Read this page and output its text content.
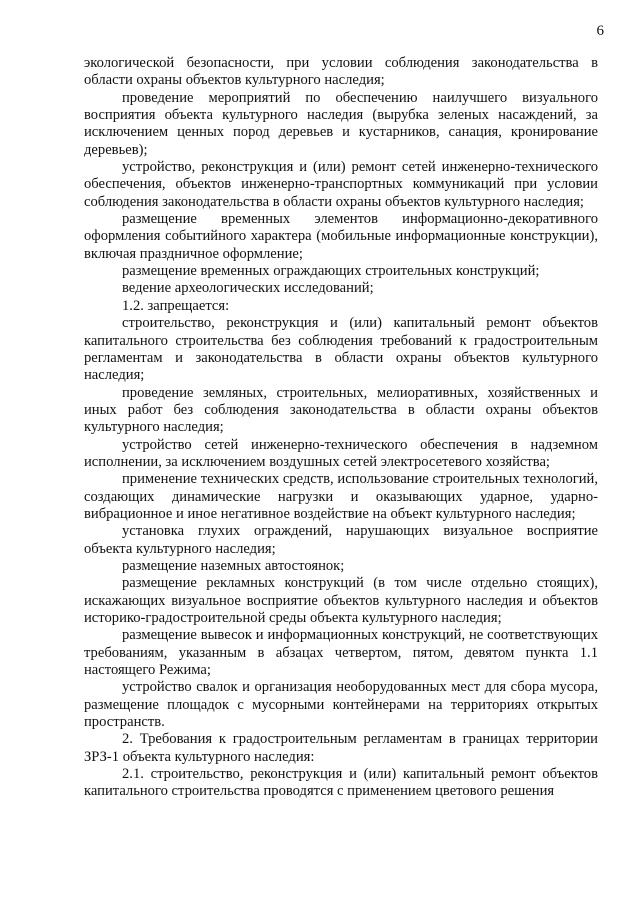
6

экологической безопасности, при условии соблюдения законодательства в области охраны объектов культурного наследия;

проведение мероприятий по обеспечению наилучшего визуального восприятия объекта культурного наследия (вырубка зеленых насаждений, за исключением ценных пород деревьев и кустарников, санация, кронирование деревьев);

устройство, реконструкция и (или) ремонт сетей инженерно-технического обеспечения, объектов инженерно-транспортных коммуникаций при условии соблюдения законодательства в области охраны объектов культурного наследия;

размещение временных элементов информационно-декоративного оформления событийного характера (мобильные информационные конструкции), включая праздничное оформление;

размещение временных ограждающих строительных конструкций;

ведение археологических исследований;

1.2. запрещается:

строительство, реконструкция и (или) капитальный ремонт объектов капитального строительства без соблюдения требований к градостроительным регламентам и законодательства в области охраны объектов культурного наследия;

проведение земляных, строительных, мелиоративных, хозяйственных и иных работ без соблюдения законодательства в области охраны объектов культурного наследия;

устройство сетей инженерно-технического обеспечения в надземном исполнении, за исключением воздушных сетей электросетевого хозяйства;

применение технических средств, использование строительных технологий, создающих динамические нагрузки и оказывающих ударное, ударно-вибрационное и иное негативное воздействие на объект культурного наследия;

установка глухих ограждений, нарушающих визуальное восприятие объекта культурного наследия;

размещение наземных автостоянок;

размещение рекламных конструкций (в том числе отдельно стоящих), искажающих визуальное восприятие объектов культурного наследия и объектов историко-градостроительной среды объекта культурного наследия;

размещение вывесок и информационных конструкций, не соответствующих требованиям, указанным в абзацах четвертом, пятом, девятом пункта 1.1 настоящего Режима;

устройство свалок и организация необорудованных мест для сбора мусора, размещение площадок с мусорными контейнерами на территориях открытых пространств.

2. Требования к градостроительным регламентам в границах территории ЗРЗ-1 объекта культурного наследия:

2.1. строительство, реконструкция и (или) капитальный ремонт объектов капитального строительства проводятся с применением цветового решения
